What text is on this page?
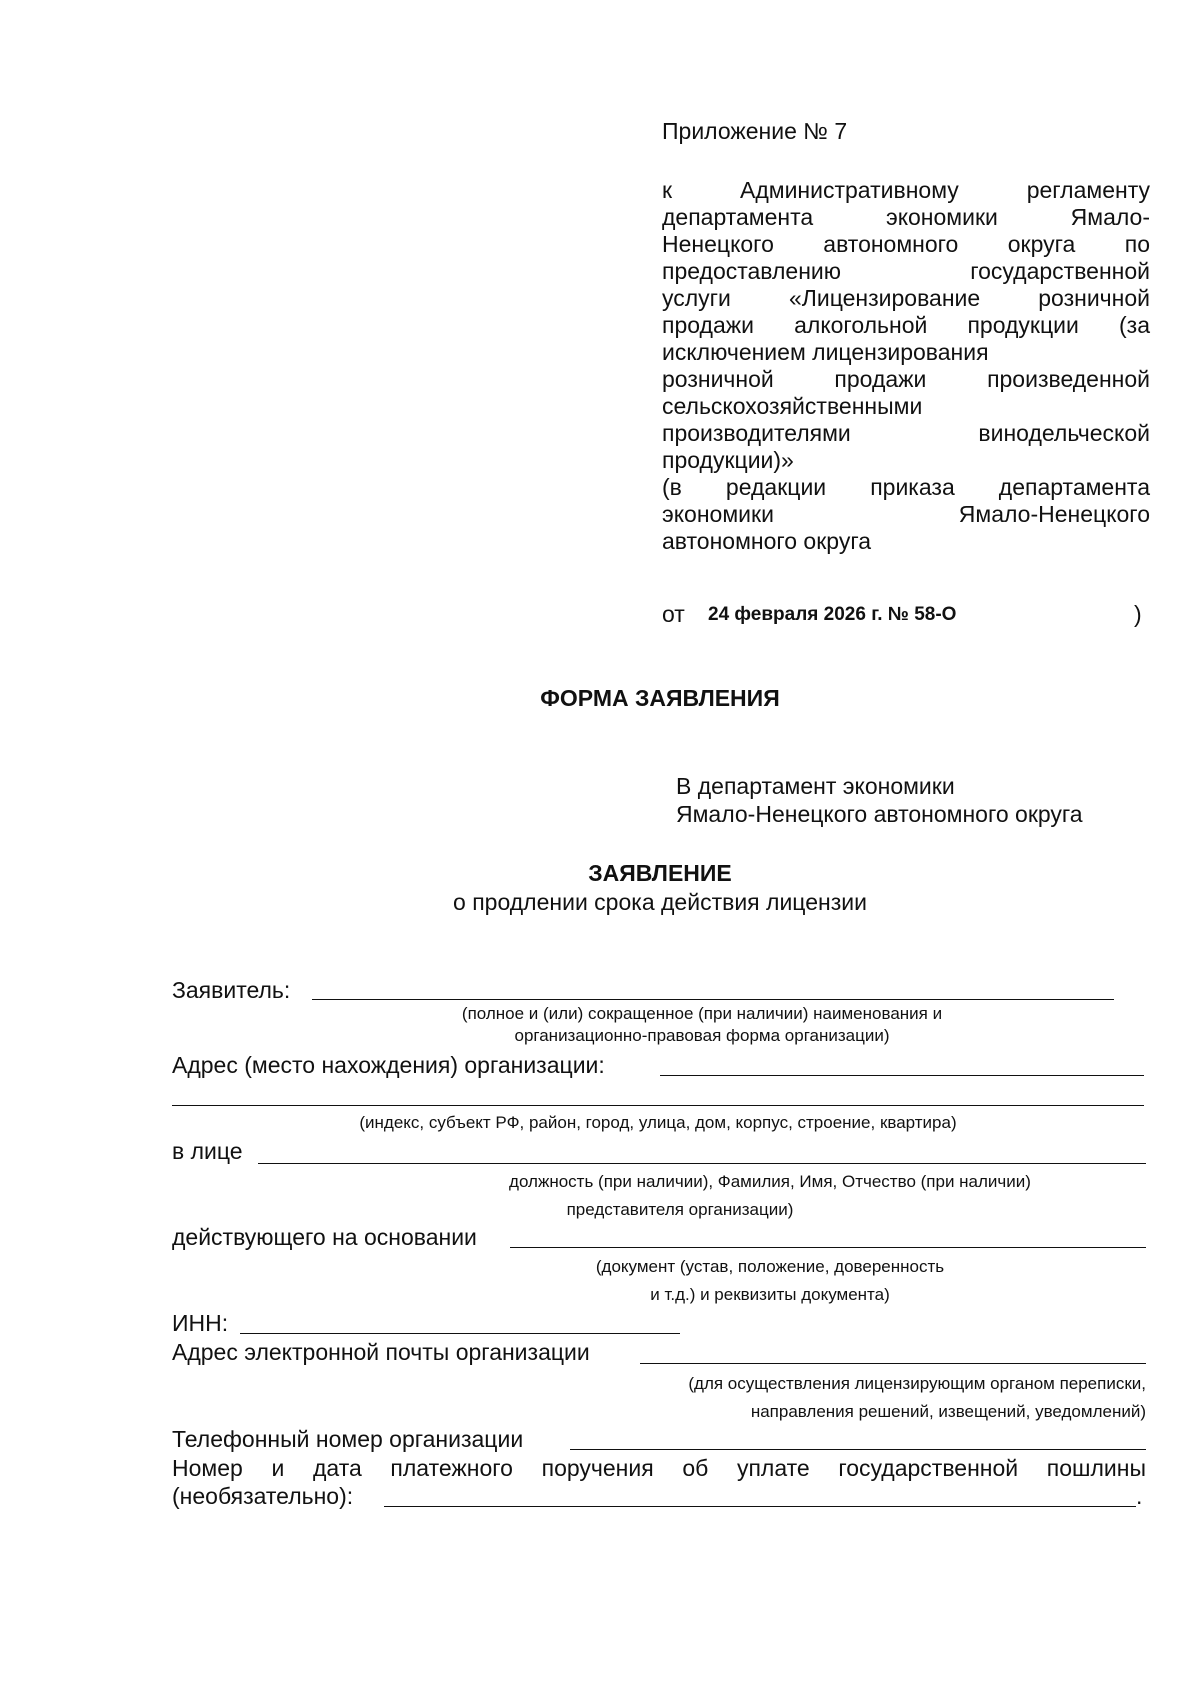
Приложение № 7
к Административному регламенту
департамента экономики Ямало-
Ненецкого автономного округа по
предоставлению государственной
услуги «Лицензирование розничной
продажи алкогольной продукции (за
исключением лицензирования
розничной продажи произведенной
сельскохозяйственными
производителями винодельческой
продукции)»
(в редакции приказа департамента
экономики Ямало-Ненецкого
автономного округа
от 24 февраля 2026 г. № 58-О	)
ФОРМА ЗАЯВЛЕНИЯ
В департамент экономики
Ямало-Ненецкого автономного округа
ЗАЯВЛЕНИЕ
о продлении срока действия лицензии
Заявитель:
(полное и (или) сокращенное (при наличии) наименования и
организационно-правовая форма организации)
Адрес (место нахождения) организации:
(индекс, субъект РФ, район, город, улица, дом, корпус, строение, квартира)
в лице
должность (при наличии), Фамилия, Имя, Отчество (при наличии)
представителя организации)
действующего на основании
(документ (устав, положение, доверенность
и т.д.) и реквизиты документа)
ИНН:
Адрес электронной почты организации
(для осуществления лицензирующим органом переписки,
направления решений, извещений, уведомлений)
Телефонный номер организации
Номер и дата платежного поручения об уплате государственной пошлины
(необязательно):	.
